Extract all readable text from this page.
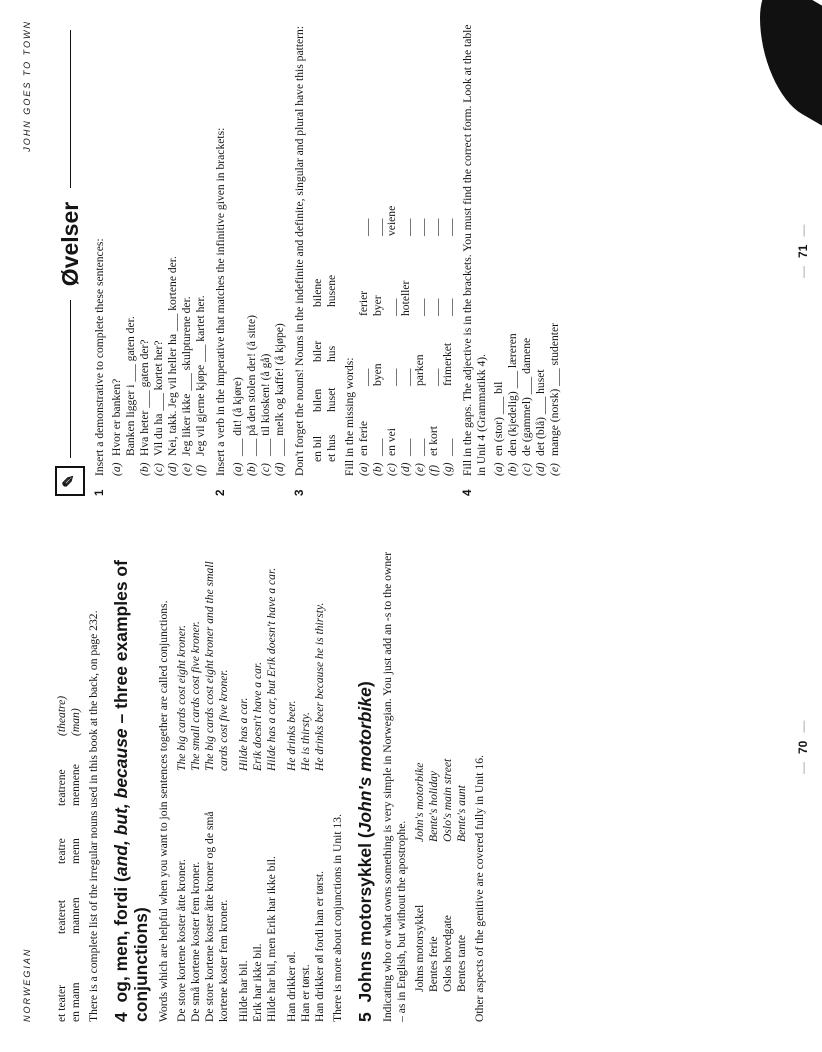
NORWEGIAN et teater
teateret
teatre
teatrene
(theatre)
en mann
mannen
menn
mennene
(man) There is a complete list of the irregular nouns used in this book at the back, on page 232. 4  og, men, fordi (and, but, because – three examples of conjunctions) Words which are helpful when you want to join sentences together are called conjunctions. De store kortene koster åtte kroner.
The big cards cost eight kroner.
De små kortene koster fem kroner.
The small cards cost five kroner.
De store kortene koster åtte kroner og de små kortene koster fem kroner.
The big cards cost eight kroner and the small cards cost five kroner.
Hilde har bil.
Hilde has a car.
Erik har ikke bil.
Erik doesn't have a car.
Hilde har bil, men Erik har ikke bil.
Hilde has a car, but Erik doesn't have a car.
Han drikker øl.
He drinks beer.
Han er tørst.
He is thirsty.
Han drikker øl fordi han er tørst.
He drinks beer because he is thirsty.

There is more about conjunctions in Unit 13. 5  Johns motorsykkel (John's motorbike) Indicating who or what owns something is very simple in Norwegian. You just add an -s to the owner – as in English, but without the apostrophe. Johns motorsykkel
John's motorbike
Bentes ferie
Bente's holiday
Oslos hovedgate
Oslo's main street
Bentes tante
Bente's aunt Other aspects of the genitive are covered fully in Unit 16.	—70—
JOHN GOES TO TOWN
✎
Øvelser
1
Insert a demonstrative to complete these sentences: (a)
Hvor er banken? Banken ligger i ___ gaten der.
(b)
Hva heter ___ gaten der?
(c)
Vil du ha ___ kortet her?
(d)
Nei, takk. Jeg vil heller ha ___ kortene der.
(e)
Jeg liker ikke ___ skulpturene der.
(f)
Jeg vil gjerne kjøpe ___ kartet her.
2
Insert a verb in the imperative that matches the infinitive given in brackets: (a)
___ dit! (å kjøre)
(b)
___ på den stolen der! (å sitte)
(c)
___ til kiosken! (å gå)
(d)
___ melk og kaffe! (å kjøpe)
3
Don't forget the nouns! Nouns in the indefinite and definite, singular and plural have this pattern: en bil
bilen
biler
bilene
et hus
huset
hus
husene
Fill in the missing words: (a)
en ferie
___
ferier
___
(b)
___
byen
byer
___
(c)
en vei
___
___
veiene
(d)
___
___
hoteller
___
(e)
___
parken
___
___
(f)
et kort
___
___
___
(g)
___
frimerket
___
___
4
Fill in the gaps. The adjective is in the brackets. You must find the correct form. Look at the table in Unit 4 (Grammatikk 4). (a)
en (stor) ___ bil
(b)
den (kjedelig) ___ læreren
(c)
de (gammel) ___ damene
(d)
det (blå) ___ huset
(e)
mange (norsk) ___ studenter
—71—
